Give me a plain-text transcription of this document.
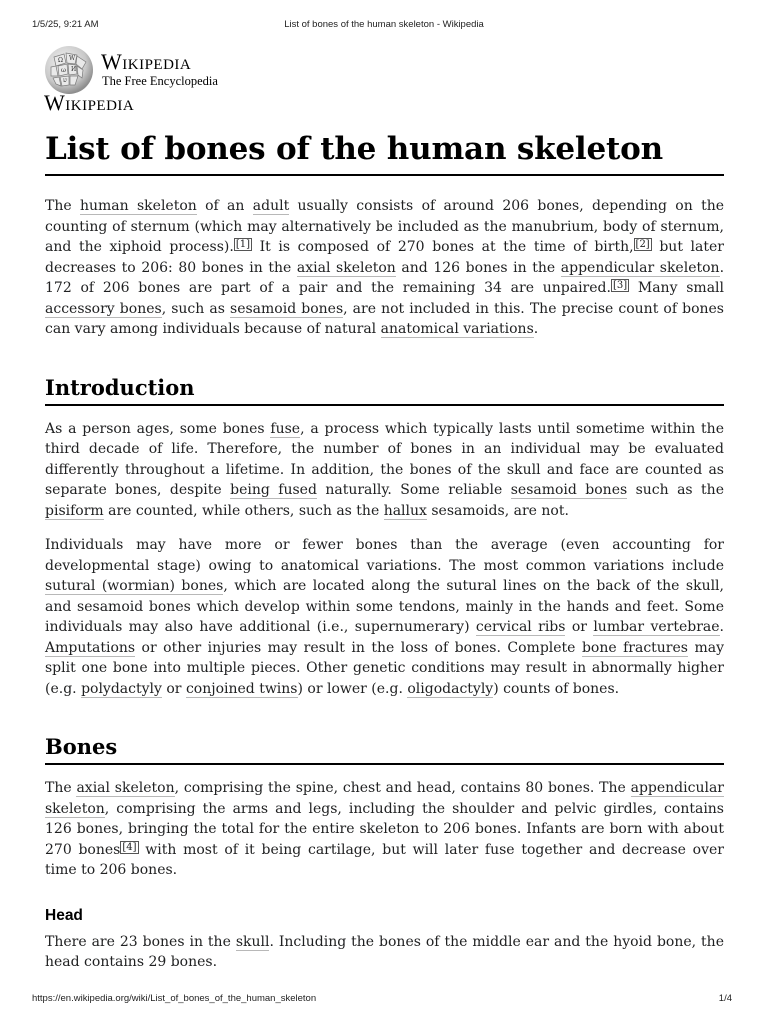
1/5/25, 9:21 AM	List of bones of the human skeleton - Wikipedia
Ω W
ω И
ש
Wikipedia
The Free Encyclopedia
Wikipedia
List of bones of the human skeleton

The human skeleton of an adult usually consists of around 206 bones, depending on the counting of sternum (which may alternatively be included as the manubrium, body of sternum, and the xiphoid process). [1] It is composed of 270 bones at the time of birth, [2] but later decreases to 206: 80 bones in the axial skeleton and 126 bones in the appendicular skeleton. 172 of 206 bones are part of a pair and the remaining 34 are unpaired. [3] Many small accessory bones, such as sesamoid bones, are not included in this. The precise count of bones can vary among individuals because of natural anatomical variations.

Introduction

As a person ages, some bones fuse, a process which typically lasts until sometime within the third decade of life. Therefore, the number of bones in an individual may be evaluated differently throughout a lifetime. In addition, the bones of the skull and face are counted as separate bones, despite being fused naturally. Some reliable sesamoid bones such as the pisiform are counted, while others, such as the hallux sesamoids, are not.

Individuals may have more or fewer bones than the average (even accounting for developmental stage) owing to anatomical variations. The most common variations include sutural (wormian) bones, which are located along the sutural lines on the back of the skull, and sesamoid bones which develop within some tendons, mainly in the hands and feet. Some individuals may also have additional (i.e., supernumerary) cervical ribs or lumbar vertebrae. Amputations or other injuries may result in the loss of bones. Complete bone fractures may split one bone into multiple pieces. Other genetic conditions may result in abnormally higher (e.g. polydactyly or conjoined twins) or lower (e.g. oligodactyly) counts of bones.

Bones

The axial skeleton, comprising the spine, chest and head, contains 80 bones. The appendicular skeleton, comprising the arms and legs, including the shoulder and pelvic girdles, contains 126 bones, bringing the total for the entire skeleton to 206 bones. Infants are born with about 270 bones [4] with most of it being cartilage, but will later fuse together and decrease over time to 206 bones.

Head

There are 23 bones in the skull. Including the bones of the middle ear and the hyoid bone, the head contains 29 bones.

https://en.wikipedia.org/wiki/List_of_bones_of_the_human_skeleton	1/4
